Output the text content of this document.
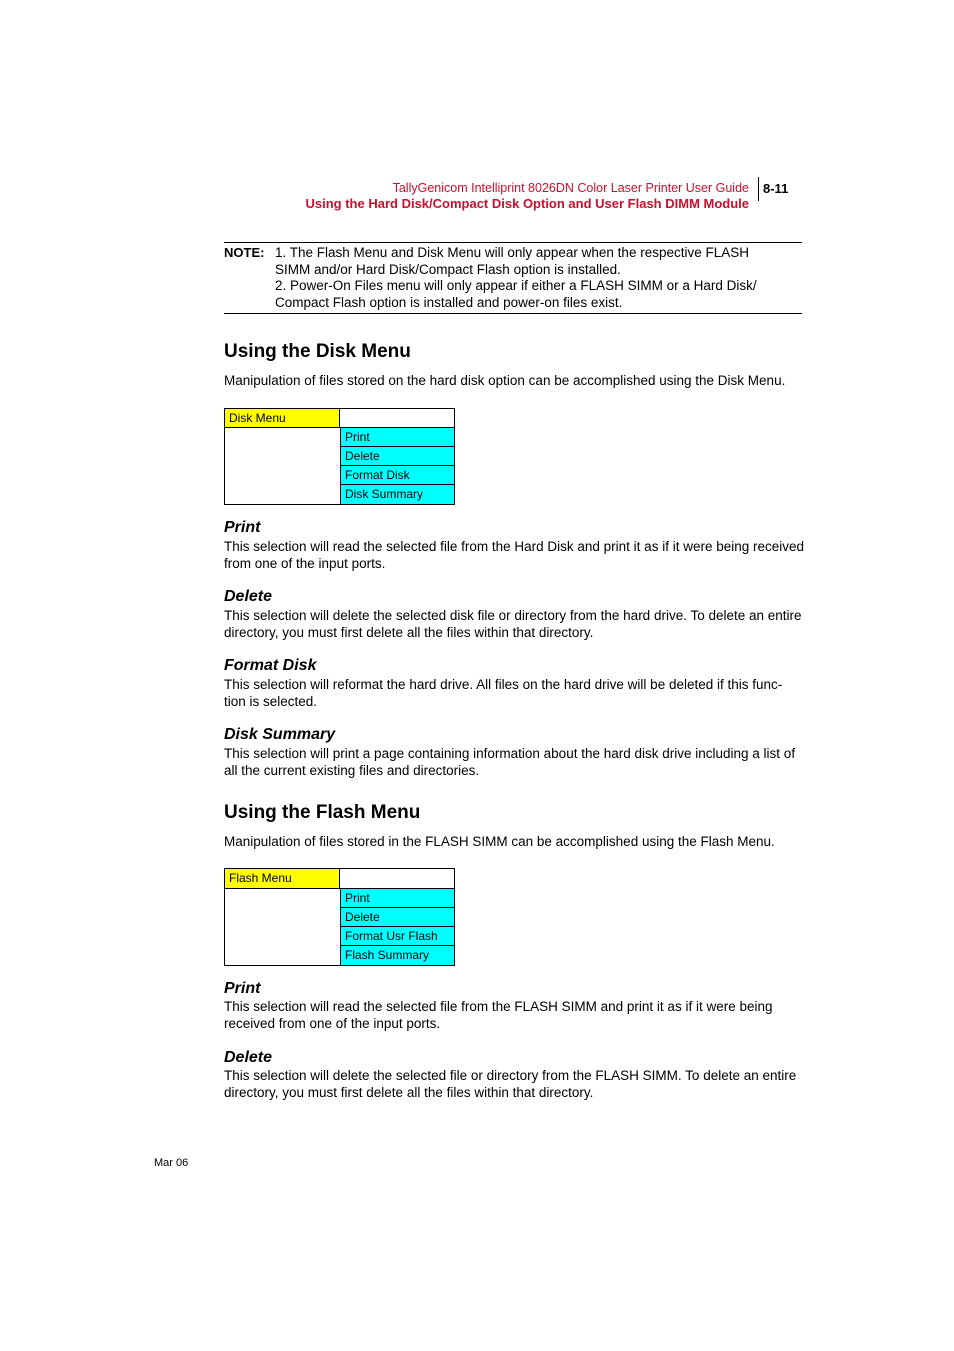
TallyGenicom Intelliprint 8026DN Color Laser Printer User Guide
Using the Hard Disk/Compact Disk Option and User Flash DIMM Module
8-11
NOTE: 1. The Flash Menu and Disk Menu will only appear when the respective FLASH
SIMM and/or Hard Disk/Compact Flash option is installed.
2. Power-On Files menu will only appear if either a FLASH SIMM or a Hard Disk/
Compact Flash option is installed and power-on files exist.
Using the Disk Menu

Manipulation of files stored on the hard disk option can be accomplished using the Disk Menu.

Disk Menu
Print
Delete
Format Disk
Disk Summary
Print

This selection will read the selected file from the Hard Disk and print it as if it were being received from one of the input ports.

Delete

This selection will delete the selected disk file or directory from the hard drive. To delete an entire directory, you must first delete all the files within that directory.

Format Disk

This selection will reformat the hard drive. All files on the hard drive will be deleted if this func-tion is selected.

Disk Summary

This selection will print a page containing information about the hard disk drive including a list of all the current existing files and directories.

Using the Flash Menu

Manipulation of files stored in the FLASH SIMM can be accomplished using the Flash Menu.

Flash Menu
Print
Delete
Format Usr Flash
Flash Summary
Print

This selection will read the selected file from the FLASH SIMM and print it as if it were being received from one of the input ports.

Delete

This selection will delete the selected file or directory from the FLASH SIMM. To delete an entire directory, you must first delete all the files within that directory.

Mar 06
